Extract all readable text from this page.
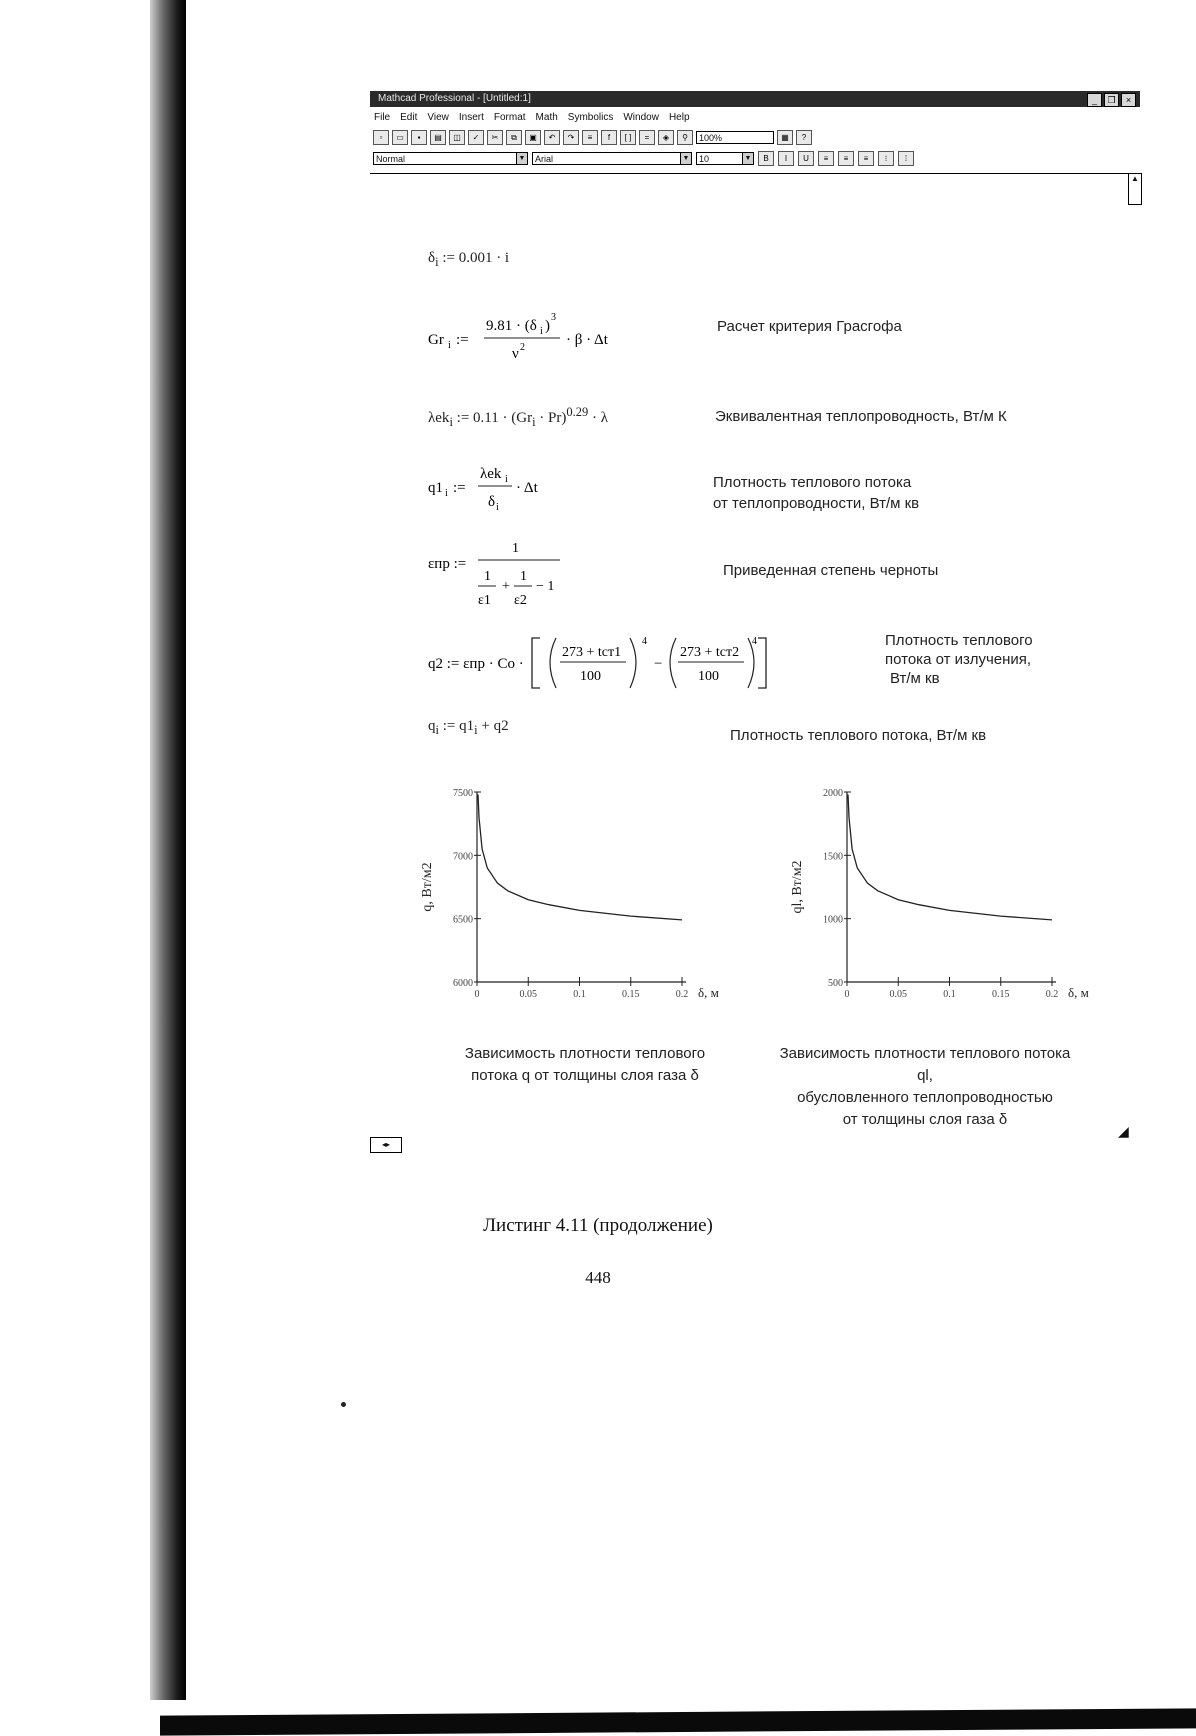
Mathcad Professional - [Untitled:1]	_	❐	×
File Edit View Insert Format Math Symbolics Window Help
▫	▭	▪	▤	◫	✓	✂	⧉	▣	↶	↷	≡	f	[ ]	=	◈	⚲	100%	▦	?
Normal	▼	Arial	▼	10	▼	B	I	U	≡	≡	≡	⁝	⁞
▲
◂▸
◢
$\delta_i$ := 0.001 · i
Gr i :=
9.81 · (δ i )
3
ν 2	· β · Δt
λek$_i$ := $0.11 \cdot (Gr_i \cdot Pr)^{0.29} \cdot \lambda$
q1 i :=
λek i
δ i
· Δt
εпр :=
1
1
ε1
+
1
ε2
− 1
q2 := εпр · Co ·
273 + tст1
100
4
−
273 + tст2
100
4
$q_i$ := $q1_i + q2$
Расчет критерия Грасгофа
Эквивалентная теплопроводность, Вт/м К
Плотность теплового потока
от теплопроводности, Вт/м кв
Приведенная степень черноты
Плотность теплового
потока от излучения,
Вт/м кв
Плотность теплового потока, Вт/м кв
6000
6500
7000
7500
0	0.05	0.1	0.15	0.2
q, Вт/м2
δ, м
500
1000
1500
2000
0	0.05	0.1	0.15	0.2
ql, Вт/м2
δ, м
Зависимость плотности теплового
потока q от толщины слоя газа δ
Зависимость плотности теплового потока
ql,
обусловленного теплопроводностью
от толщины слоя газа δ
Листинг 4.11 (продолжение)
448
